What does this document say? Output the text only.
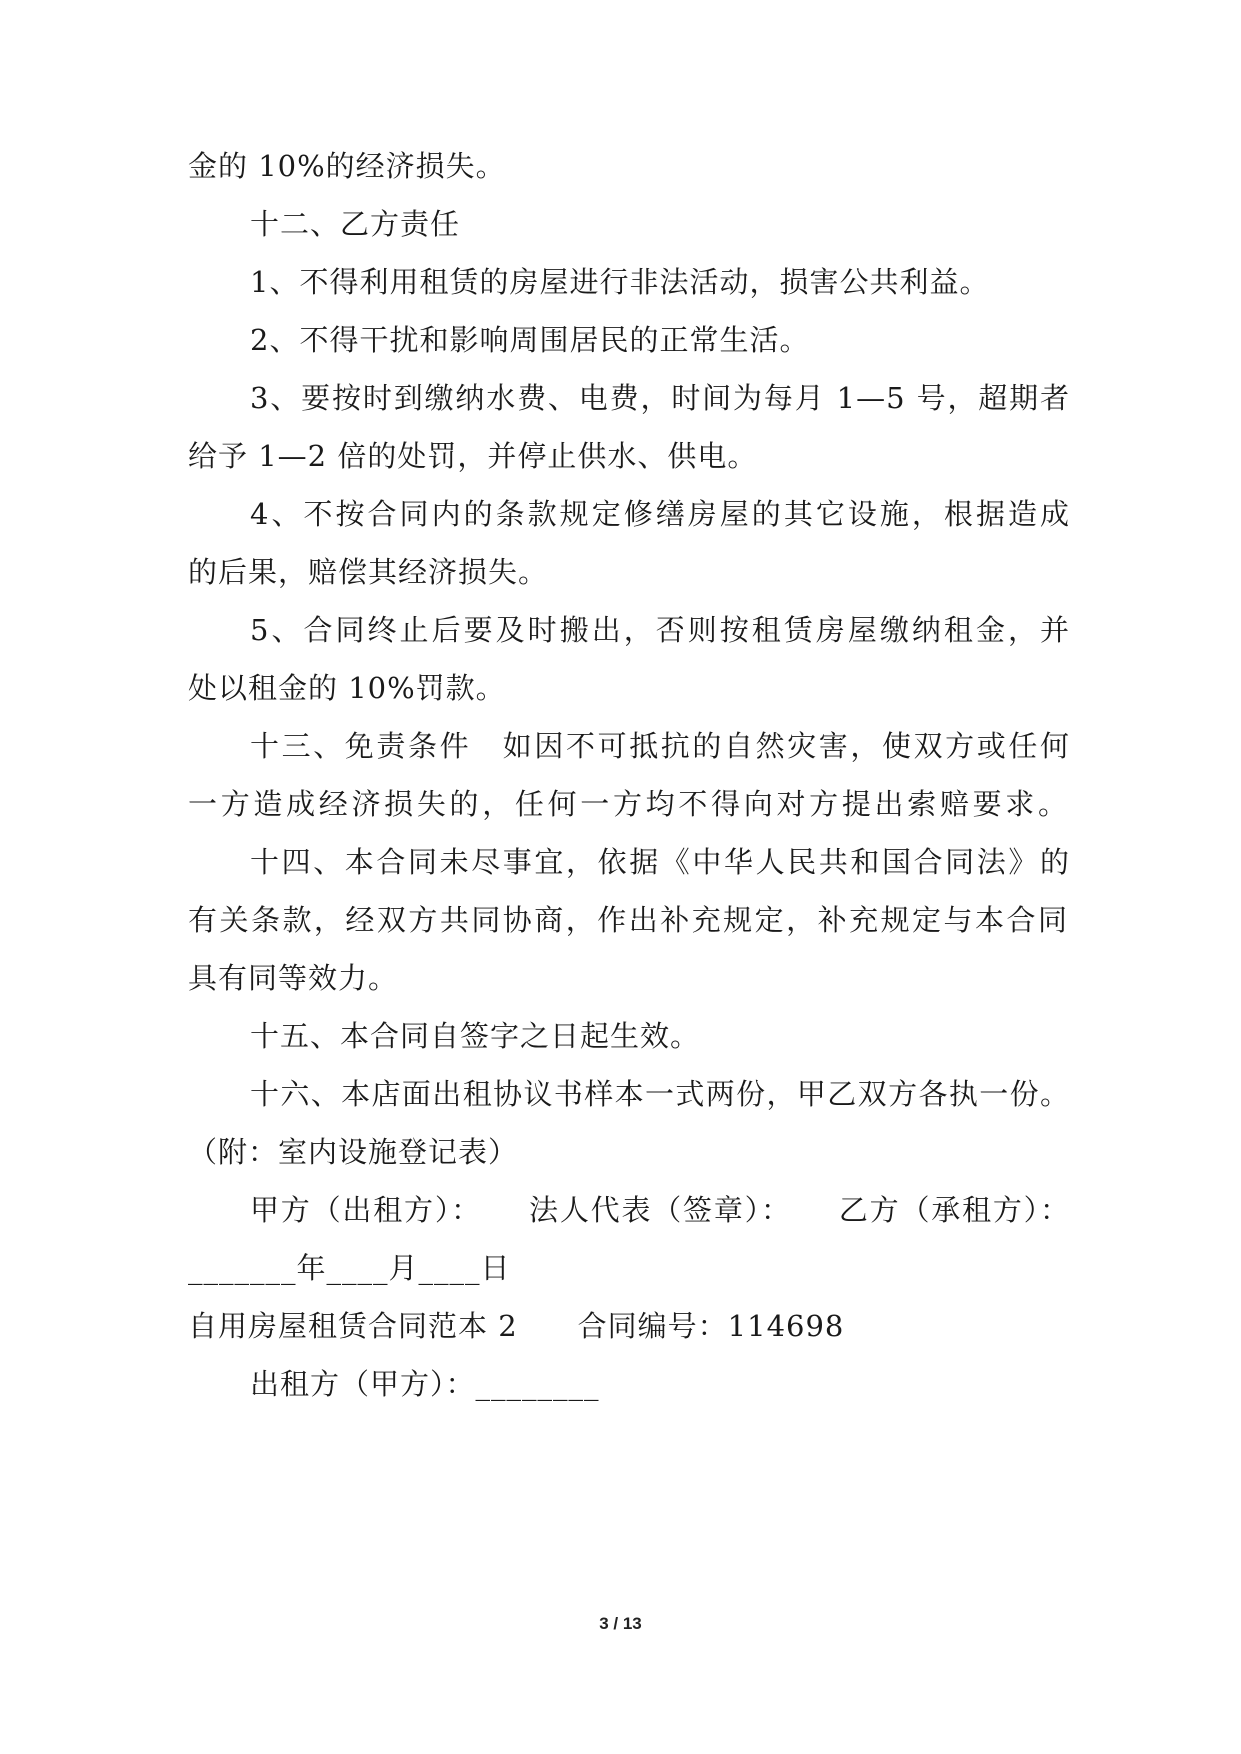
金的 10%的经济损失。
十二、乙方责任
1、不得利用租赁的房屋进行非法活动，损害公共利益。
2、不得干扰和影响周围居民的正常生活。
3、要按时到缴纳水费、电费，时间为每月 1—5 号，超期者
给予 1—2 倍的处罚，并停止供水、供电。
4、不按合同内的条款规定修缮房屋的其它设施，根据造成
的后果，赔偿其经济损失。
5、合同终止后要及时搬出，否则按租赁房屋缴纳租金，并
处以租金的 10%罚款。
十三、免责条件　如因不可抵抗的自然灾害，使双方或任何
一方造成经济损失的，任何一方均不得向对方提出索赔要求。
十四、本合同未尽事宜，依据《中华人民共和国合同法》的
有关条款，经双方共同协商，作出补充规定，补充规定与本合同
具有同等效力。
十五、本合同自签字之日起生效。
十六、本店面出租协议书样本一式两份，甲乙双方各执一份。
（附：室内设施登记表）
甲方（出租方）：　　法人代表（签章）：　　乙方（承租方）：
_______年____月____日
自用房屋租赁合同范本 2　　合同编号：114698
出租方（甲方）：________
3 / 13
